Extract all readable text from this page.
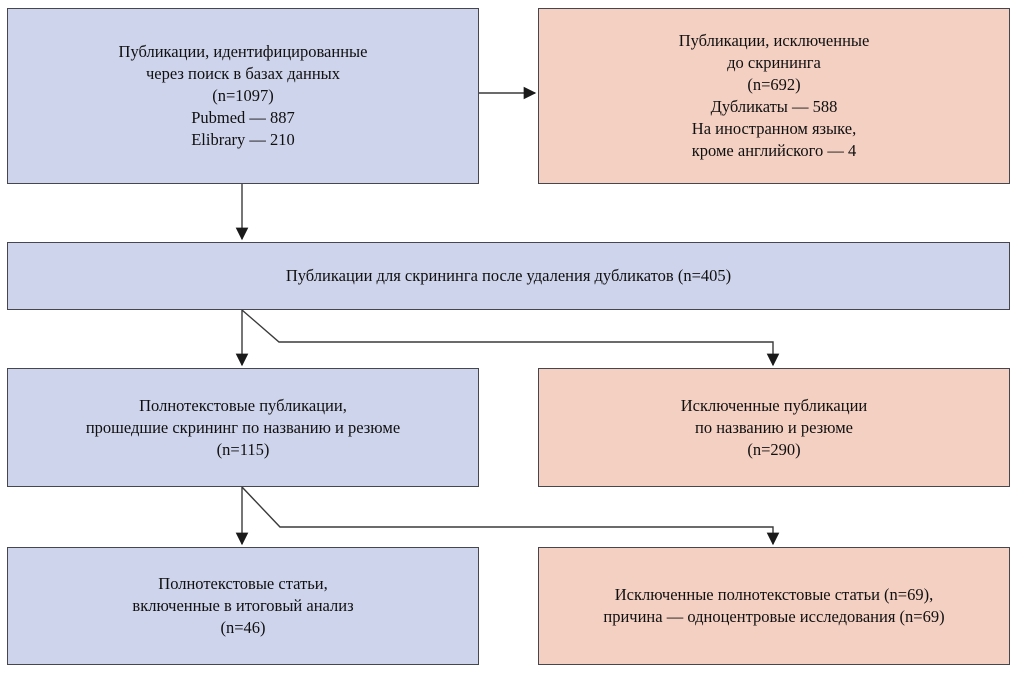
Публикации, идентифицированные
через поиск в базах данных
(n=1097)
Pubmed — 887
Elibrary — 210
Публикации, исключенные
до скрининга
(n=692)
Дубликаты — 588
На иностранном языке,
кроме английского — 4
Публикации для скрининга после удаления дубликатов (n=405)
Полнотекстовые публикации,
прошедшие скрининг по названию и резюме
(n=115)
Исключенные публикации
по названию и резюме
(n=290)
Полнотекстовые статьи,
включенные в итоговый анализ
(n=46)
Исключенные полнотекстовые статьи (n=69),
причина — одноцентровые исследования (n=69)
